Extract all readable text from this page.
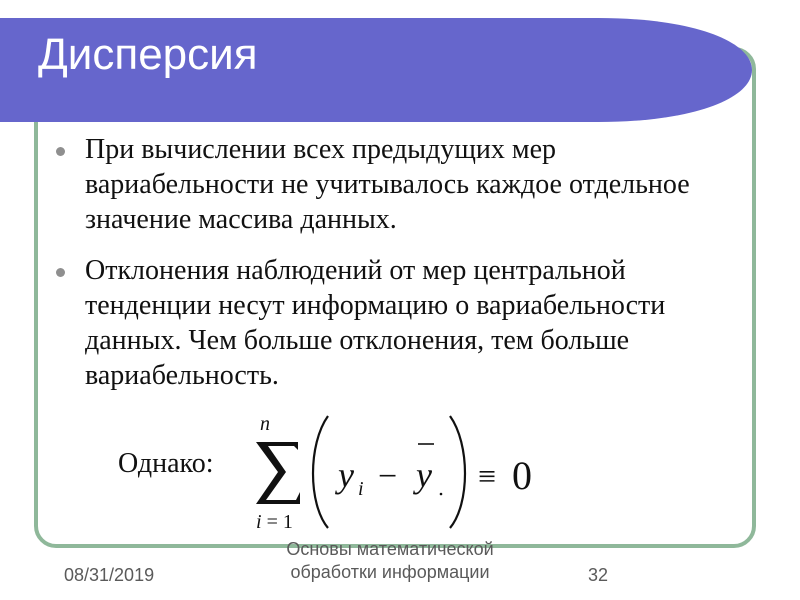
Дисперсия
При вычислении всех предыдущих мер вариабельности не учитывалось каждое отдельное значение массива данных.
Отклонения наблюдений от мер центральной тенденции несут информацию о вариабельности данных. Чем больше отклонения, тем больше вариабельность.
Однако:
n
i = 1
y i − y ≡ 0
08/31/2019
Основы математической
обработки информации	32
